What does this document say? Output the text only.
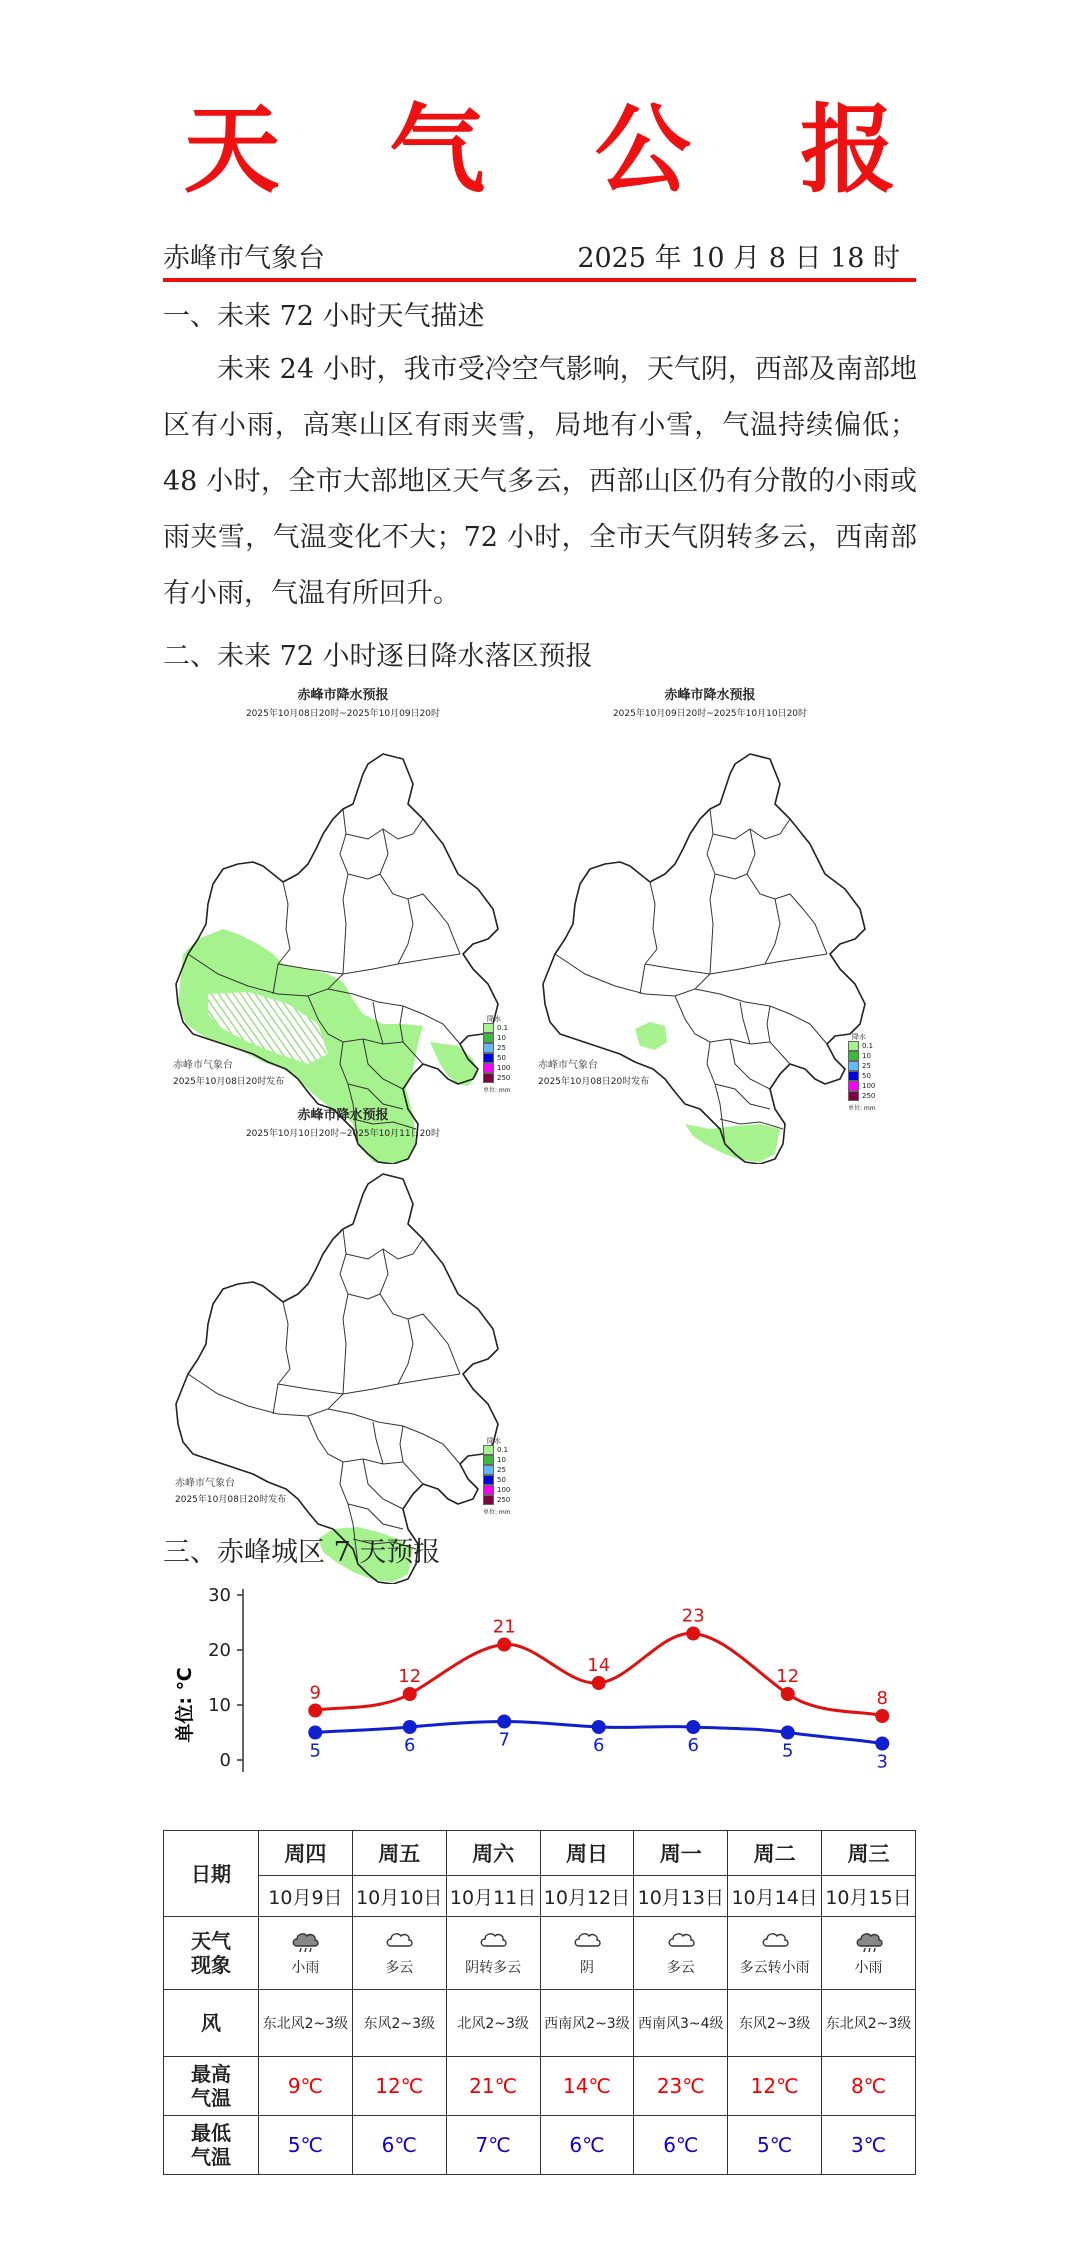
天 气 公 报
赤峰市气象台	2025 年 10 月 8 日 18 时
一、未来 72 小时天气描述
未来 24 小时，我市受冷空气影响，天气阴，西部及南部地区有小雨，高寒山区有雨夹雪，局地有小雪，气温持续偏低；48 小时，全市大部地区天气多云，西部山区仍有分散的小雨或雨夹雪，气温变化不大；72 小时，全市天气阴转多云，西南部有小雨，气温有所回升。
二、未来 72 小时逐日降水落区预报
赤峰市降水预报
2025年10月08日20时~2025年10月09日20时
赤峰市气象台
2025年10月08日20时发布
降水
0.1
10
25
50
100
250
单位: mm
赤峰市降水预报
2025年10月09日20时~2025年10月10日20时
赤峰市气象台
2025年10月08日20时发布
降水
0.1
10
25
50
100
250
单位: mm
赤峰市降水预报
2025年10月10日20时~2025年10月11日20时
赤峰市气象台
2025年10月08日20时发布
降水
0.1
10
25
50
100
250
单位: mm
三、赤峰城区 7 天预报
0
10
20
30
单位: ℃	9
12
21
14
23
12
8
5	6	7	6	6	5
3
日期	周四	周五	周六	周日	周一	周二	周三
	10月9日	10月10日	10月11日	10月12日	10月13日	10月14日	10月15日
天气
现象	小雨	多云	阴转多云	阴	多云	多云转小雨	小雨
风	东北风2~3级	东风2~3级	北风2~3级	西南风2~3级	西南风3~4级	东风2~3级	东北风2~3级
最高
气温	9℃	12℃	21℃	14℃	23℃	12℃	8℃
最低
气温	5℃	6℃	7℃	6℃	6℃	5℃	3℃
